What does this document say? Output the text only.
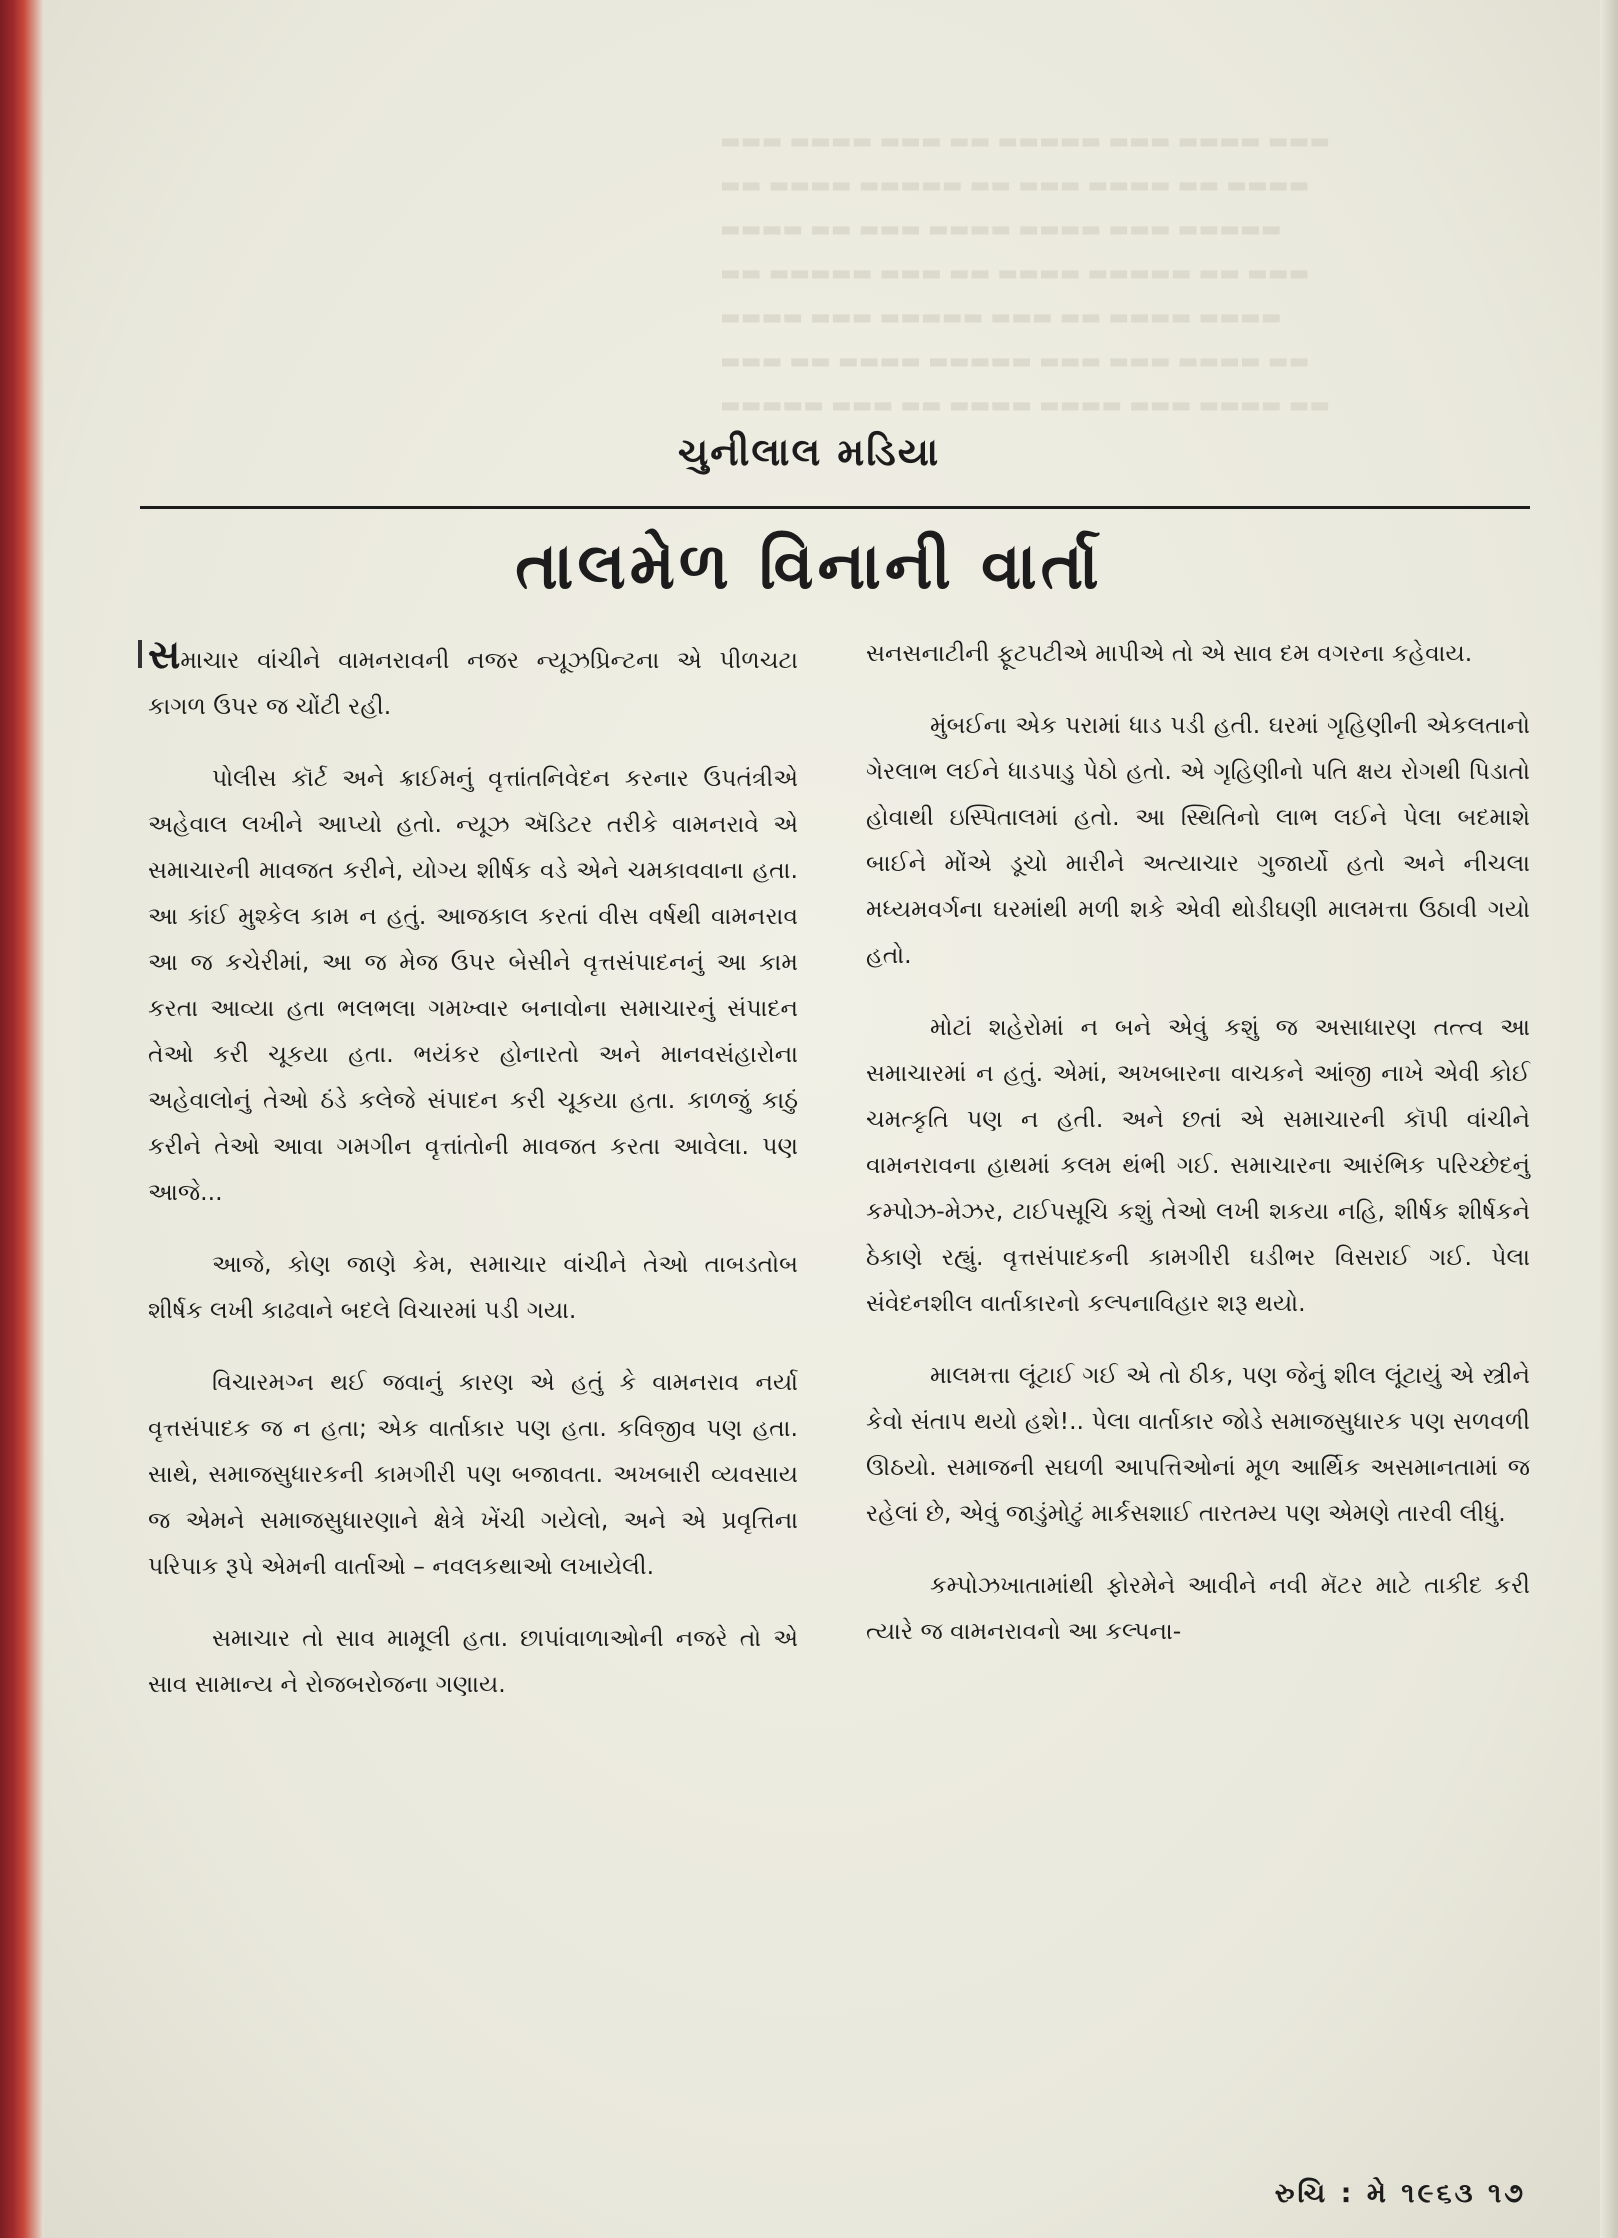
▬▬▬ ▬▬▬▬ ▬▬▬ ▬▬ ▬▬▬▬▬ ▬▬▬ ▬▬▬▬ ▬▬▬
▬▬ ▬▬▬▬ ▬▬▬▬▬ ▬▬ ▬▬▬ ▬▬▬▬ ▬▬ ▬▬▬▬
▬▬▬▬ ▬▬ ▬▬▬ ▬▬▬▬ ▬▬▬▬ ▬▬▬ ▬▬▬▬▬
▬▬ ▬▬▬▬▬ ▬▬▬ ▬▬ ▬▬▬▬ ▬▬▬▬▬ ▬▬ ▬▬▬
▬▬▬▬ ▬▬▬ ▬▬▬▬▬ ▬▬▬ ▬▬ ▬▬▬▬ ▬▬▬▬
▬▬▬ ▬▬ ▬▬▬▬ ▬▬▬▬▬ ▬▬▬ ▬▬▬ ▬▬▬▬ ▬▬
▬▬▬▬▬ ▬▬▬ ▬▬ ▬▬▬▬ ▬▬▬▬ ▬▬▬ ▬▬▬▬ ▬▬
ચુનીલાલ મડિયા
તાલમેળ વિનાની વાર્તા

સમાચાર વાંચીને વામનરાવની નજર ન્યૂઝપ્રિન્ટના એ પીળચટા કાગળ ઉપર જ ચોંટી રહી.

પોલીસ કૉર્ટ અને ક્રાઈમનું વૃત્તાંતનિવેદન કરનાર ઉપતંત્રીએ અહેવાલ લખીને આપ્યો હતો. ન્યૂઝ ઍડિટર તરીકે વામનરાવે એ સમાચારની માવજત કરીને, યોગ્ય શીર્ષક વડે એને ચમકાવવાના હતા. આ કાંઈ મુશ્કેલ કામ ન હતું. આજકાલ કરતાં વીસ વર્ષથી વામનરાવ આ જ કચેરીમાં, આ જ મેજ ઉપર બેસીને વૃત્તસંપાદનનું આ કામ કરતા આવ્યા હતા ભલભલા ગમખ્વાર બનાવોના સમાચારનું સંપાદન તેઓ કરી ચૂકયા હતા. ભયંકર હોનારતો અને માનવસંહારોના અહેવાલોનું તેઓ ઠંડે કલેજે સંપાદન કરી ચૂકયા હતા. કાળજું કાઠું કરીને તેઓ આવા ગમગીન વૃત્તાંતોની માવજત કરતા આવેલા. પણ આજે...

આજે, કોણ જાણે કેમ, સમાચાર વાંચીને તેઓ તાબડતોબ શીર્ષક લખી કાઢવાને બદલે વિચારમાં પડી ગયા.

વિચારમગ્ન થઈ જવાનું કારણ એ હતું કે વામનરાવ નર્યા વૃત્તસંપાદક જ ન હતા; એક વાર્તાકાર પણ હતા. કવિજીવ પણ હતા. સાથે, સમાજસુધારકની કામગીરી પણ બજાવતા. અખબારી વ્યવસાય જ એમને સમાજસુધારણાને ક્ષેત્રે ખેંચી ગયેલો, અને એ પ્રવૃત્તિના પરિપાક રૂપે એમની વાર્તાઓ – નવલકથાઓ લખાયેલી.

સમાચાર તો સાવ મામૂલી હતા. છાપાંવાળાઓની નજરે તો એ સાવ સામાન્ય ને રોજબરોજના ગણાય.

સનસનાટીની ફૂટપટીએ માપીએ તો એ સાવ દમ વગરના કહેવાય.

મુંબઈના એક પરામાં ધાડ પડી હતી. ઘરમાં ગૃહિણીની એકલતાનો ગેરલાભ લઈને ધાડપાડુ પેઠો હતો. એ ગૃહિણીનો પતિ ક્ષય રોગથી પિડાતો હોવાથી ઇસ્પિતાલમાં હતો. આ સ્થિતિનો લાભ લઈને પેલા બદમાશે બાઈને મોંએ ડૂચો મારીને અત્યાચાર ગુજાર્યો હતો અને નીચલા મધ્યમવર્ગના ઘરમાંથી મળી શકે એવી થોડીઘણી માલમત્તા ઉઠાવી ગયો હતો.

મોટાં શહેરોમાં ન બને એવું કશું જ અસાધારણ તત્ત્વ આ સમાચારમાં ન હતું. એમાં, અખબારના વાચકને આંજી નાખે એવી કોઈ ચમત્કૃતિ પણ ન હતી. અને છતાં એ સમાચારની કૉપી વાંચીને વામનરાવના હાથમાં કલમ થંભી ગઈ. સમાચારના આરંભિક પરિચ્છેદનું કમ્પોઝ-મેઝર, ટાઈપસૂચિ કશું તેઓ લખી શકયા નહિ, શીર્ષક શીર્ષકને ઠેકાણે રહ્યું. વૃત્તસંપાદકની કામગીરી ઘડીભર વિસરાઈ ગઈ. પેલા સંવેદનશીલ વાર્તાકારનો કલ્પનાવિહાર શરૂ થયો.

માલમત્તા લૂંટાઈ ગઈ એ તો ઠીક, પણ જેનું શીલ લૂંટાયું એ સ્ત્રીને કેવો સંતાપ થયો હશે!.. પેલા વાર્તાકાર જોડે સમાજસુધારક પણ સળવળી ઊઠયો. સમાજની સઘળી આપત્તિઓનાં મૂળ આર્થિક અસમાનતામાં જ રહેલાં છે, એવું જાડુંમોટું માર્કસશાઈ તારતમ્ય પણ એમણે તારવી લીધું.

કમ્પોઝખાતામાંથી ફોરમેને આવીને નવી મૅટર માટે તાકીદ કરી ત્યારે જ વામનરાવનો આ કલ્પના-

રુચિ : મે ૧૯૬૩ ૧૭
